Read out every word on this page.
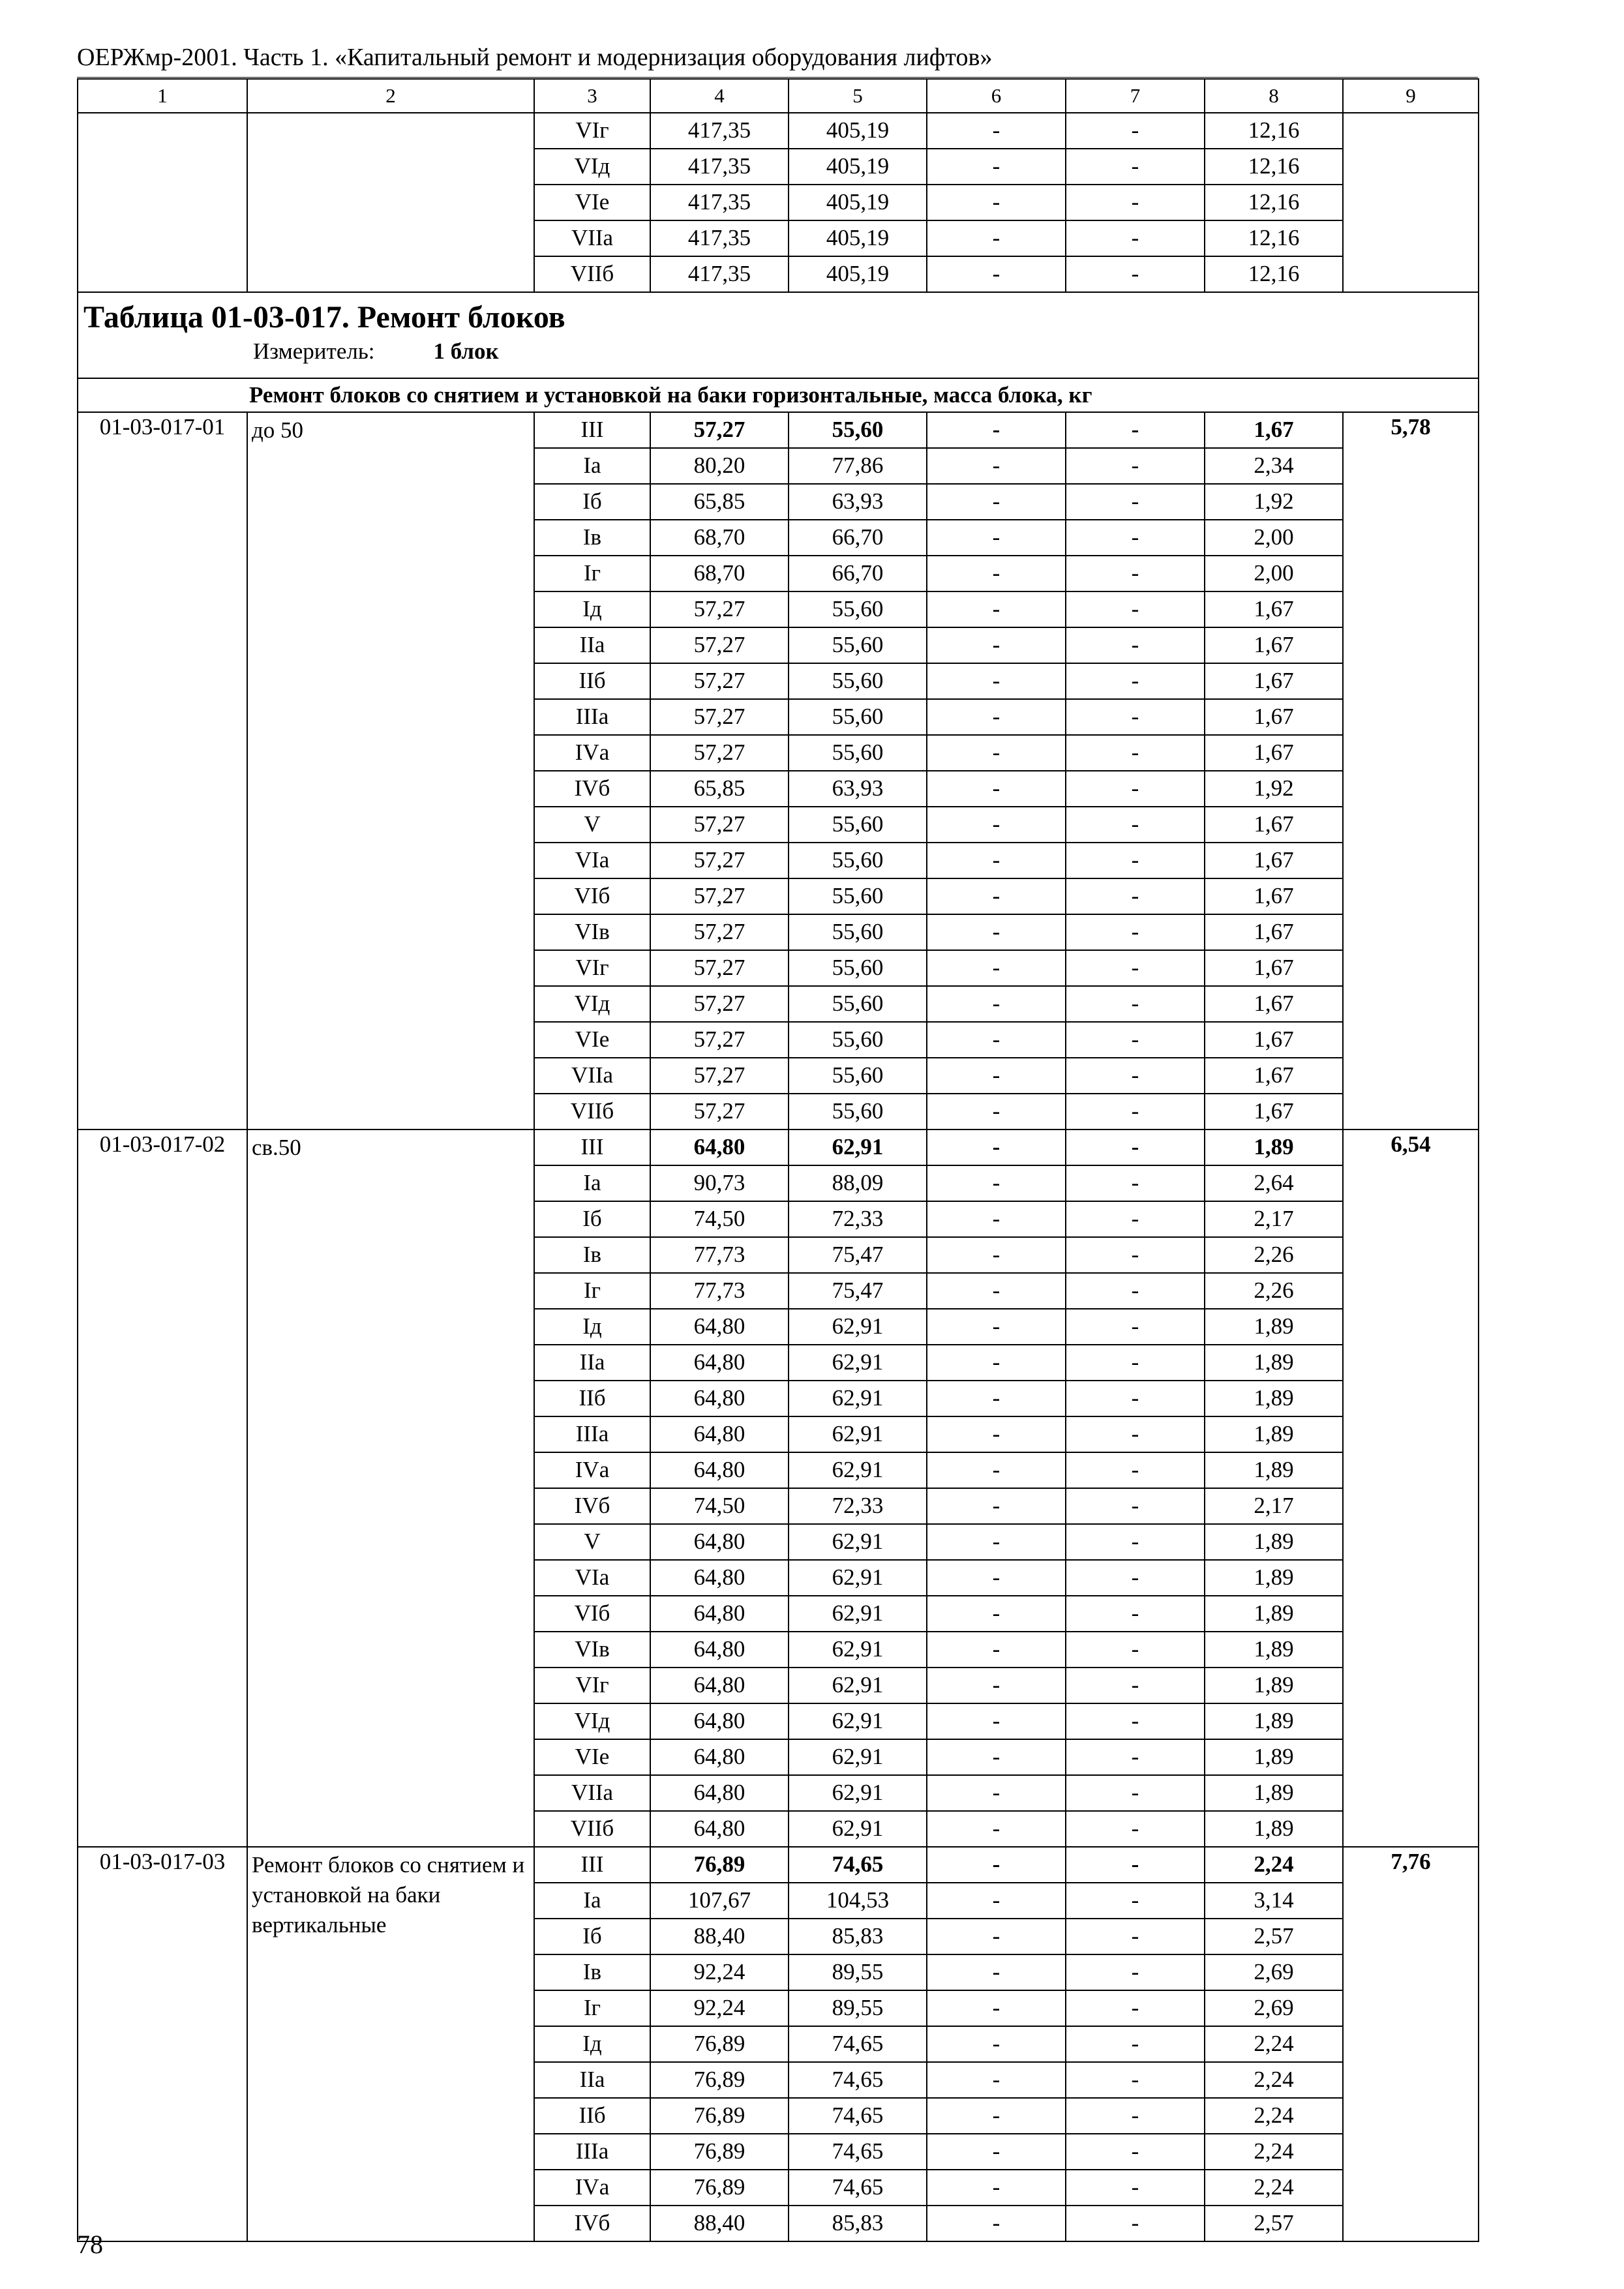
ОЕРЖмр-2001. Часть 1. «Капитальный ремонт и модернизация оборудования лифтов»
1	2	3	4	5	6	7	8	9
		VIг	417,35	405,19	-	-	12,16	
		VIд	417,35	405,19	-	-	12,16	
		VIе	417,35	405,19	-	-	12,16	
		VIIа	417,35	405,19	-	-	12,16	
		VIIб	417,35	405,19	-	-	12,16	

Таблица 01-03-017. Ремонт блоков
Измеритель: 1 блок								

Ремонт блоков со снятием и установкой на баки горизонтальные, масса блока, кг								
01-03-017-01	до 50	III	57,27	55,60	-	-	1,67	5,78
		Iа	80,20	77,86	-	-	2,34	
		Iб	65,85	63,93	-	-	1,92	
		Iв	68,70	66,70	-	-	2,00	
		Iг	68,70	66,70	-	-	2,00	
		Iд	57,27	55,60	-	-	1,67	
		IIа	57,27	55,60	-	-	1,67	
		IIб	57,27	55,60	-	-	1,67	
		IIIа	57,27	55,60	-	-	1,67	
		IVа	57,27	55,60	-	-	1,67	
		IVб	65,85	63,93	-	-	1,92	
		V	57,27	55,60	-	-	1,67	
		VIа	57,27	55,60	-	-	1,67	
		VIб	57,27	55,60	-	-	1,67	
		VIв	57,27	55,60	-	-	1,67	
		VIг	57,27	55,60	-	-	1,67	
		VIд	57,27	55,60	-	-	1,67	
		VIе	57,27	55,60	-	-	1,67	
		VIIа	57,27	55,60	-	-	1,67	
		VIIб	57,27	55,60	-	-	1,67	
01-03-017-02	св.50	III	64,80	62,91	-	-	1,89	6,54
		Iа	90,73	88,09	-	-	2,64	
		Iб	74,50	72,33	-	-	2,17	
		Iв	77,73	75,47	-	-	2,26	
		Iг	77,73	75,47	-	-	2,26	
		Iд	64,80	62,91	-	-	1,89	
		IIа	64,80	62,91	-	-	1,89	
		IIб	64,80	62,91	-	-	1,89	
		IIIа	64,80	62,91	-	-	1,89	
		IVа	64,80	62,91	-	-	1,89	
		IVб	74,50	72,33	-	-	2,17	
		V	64,80	62,91	-	-	1,89	
		VIа	64,80	62,91	-	-	1,89	
		VIб	64,80	62,91	-	-	1,89	
		VIв	64,80	62,91	-	-	1,89	
		VIг	64,80	62,91	-	-	1,89	
		VIд	64,80	62,91	-	-	1,89	
		VIе	64,80	62,91	-	-	1,89	
		VIIа	64,80	62,91	-	-	1,89	
		VIIб	64,80	62,91	-	-	1,89	
01-03-017-03	Ремонт блоков со снятием и установкой на баки вертикальные	III	76,89	74,65	-	-	2,24	7,76
		Iа	107,67	104,53	-	-	3,14	
		Iб	88,40	85,83	-	-	2,57	
		Iв	92,24	89,55	-	-	2,69	
		Iг	92,24	89,55	-	-	2,69	
		Iд	76,89	74,65	-	-	2,24	
		IIа	76,89	74,65	-	-	2,24	
		IIб	76,89	74,65	-	-	2,24	
		IIIа	76,89	74,65	-	-	2,24	
		IVа	76,89	74,65	-	-	2,24	
		IVб	88,40	85,83	-	-	2,57	
78
